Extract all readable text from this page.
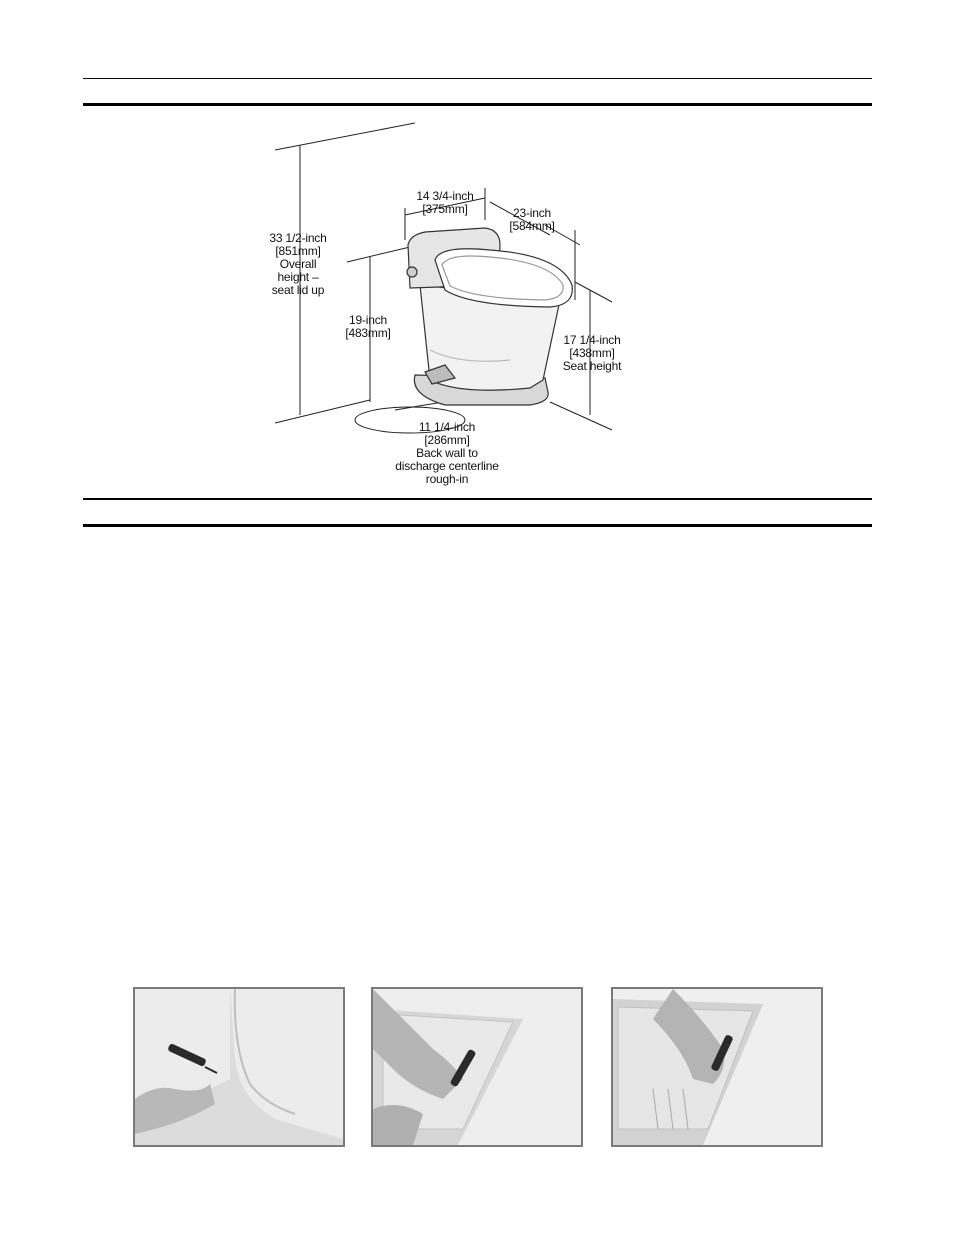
33 1/2-inch
[851mm]
Overall
height –
seat lid up
19-inch
[483mm]
14 3/4-inch
[375mm]	23-inch
[584mm]
17 1/4-inch
[438mm]
Seat height
11 1/4-inch
[286mm]
Back wall to
discharge centerline
rough-in
